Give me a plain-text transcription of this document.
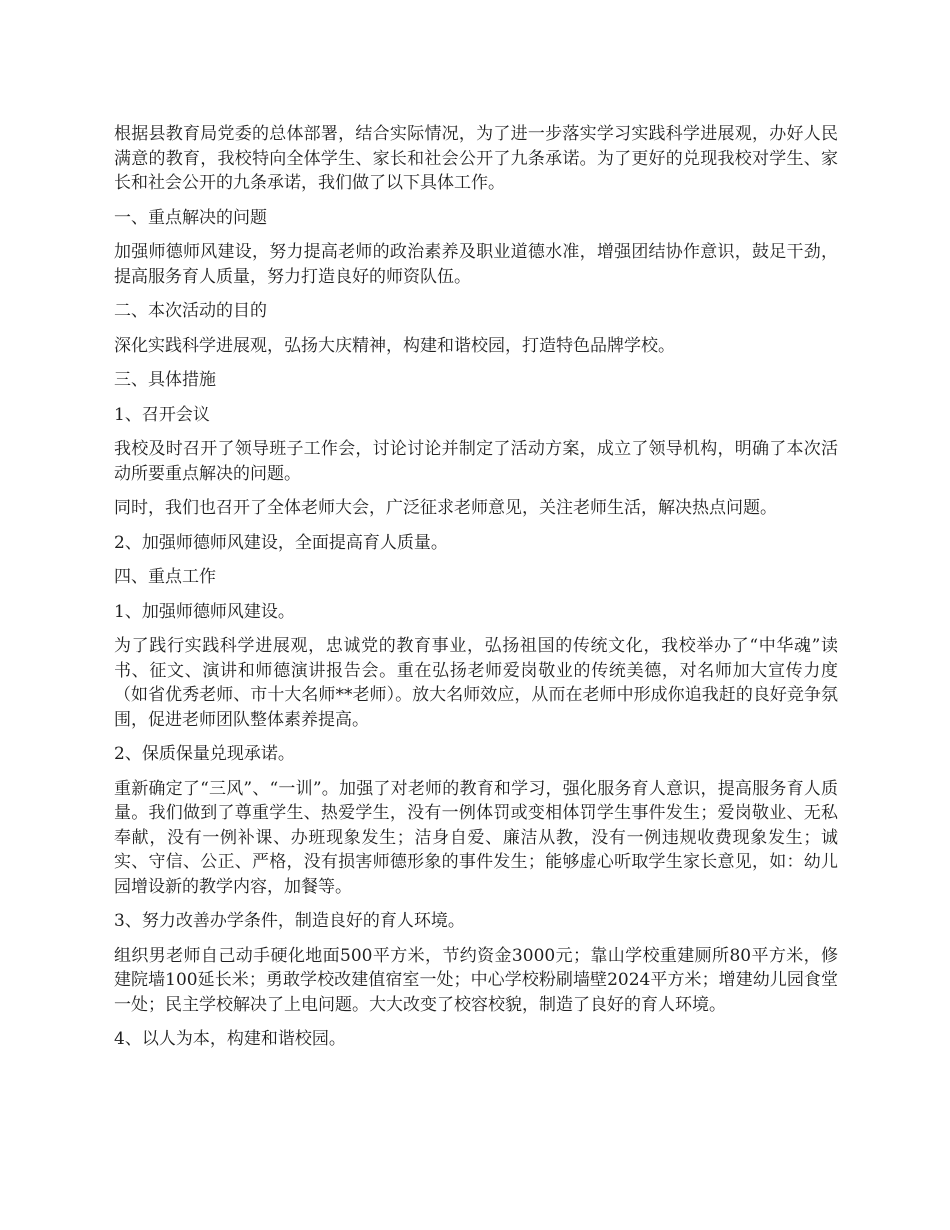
根据县教育局党委的总体部署，结合实际情况，为了进一步落实学习实践科学进展观，办好人民满意的教育，我校特向全体学生、家长和社会公开了九条承诺。为了更好的兑现我校对学生、家长和社会公开的九条承诺，我们做了以下具体工作。

一、重点解决的问题

加强师德师风建设，努力提高老师的政治素养及职业道德水准，增强团结协作意识，鼓足干劲，提高服务育人质量，努力打造良好的师资队伍。

二、本次活动的目的

深化实践科学进展观，弘扬大庆精神，构建和谐校园，打造特色品牌学校。

三、具体措施

1、召开会议

我校及时召开了领导班子工作会，讨论讨论并制定了活动方案，成立了领导机构，明确了本次活动所要重点解决的问题。

同时，我们也召开了全体老师大会，广泛征求老师意见，关注老师生活，解决热点问题。

2、加强师德师风建设，全面提高育人质量。

四、重点工作

1、加强师德师风建设。

为了践行实践科学进展观，忠诚党的教育事业，弘扬祖国的传统文化，我校举办了“中华魂”读书、征文、演讲和师德演讲报告会。重在弘扬老师爱岗敬业的传统美德，对名师加大宣传力度（如省优秀老师、市十大名师**老师）。放大名师效应，从而在老师中形成你追我赶的良好竞争氛围，促进老师团队整体素养提高。

2、保质保量兑现承诺。

重新确定了“三风”、“一训”。加强了对老师的教育和学习，强化服务育人意识，提高服务育人质量。我们做到了尊重学生、热爱学生，没有一例体罚或变相体罚学生事件发生；爱岗敬业、无私奉献，没有一例补课、办班现象发生；洁身自爱、廉洁从教，没有一例违规收费现象发生；诚实、守信、公正、严格，没有损害师德形象的事件发生；能够虚心听取学生家长意见，如：幼儿园增设新的教学内容，加餐等。

3、努力改善办学条件，制造良好的育人环境。

组织男老师自己动手硬化地面500平方米，节约资金3000元；靠山学校重建厕所80平方米，修建院墙100延长米；勇敢学校改建值宿室一处；中心学校粉刷墙壁2024平方米；增建幼儿园食堂一处；民主学校解决了上电问题。大大改变了校容校貌，制造了良好的育人环境。

4、以人为本，构建和谐校园。
